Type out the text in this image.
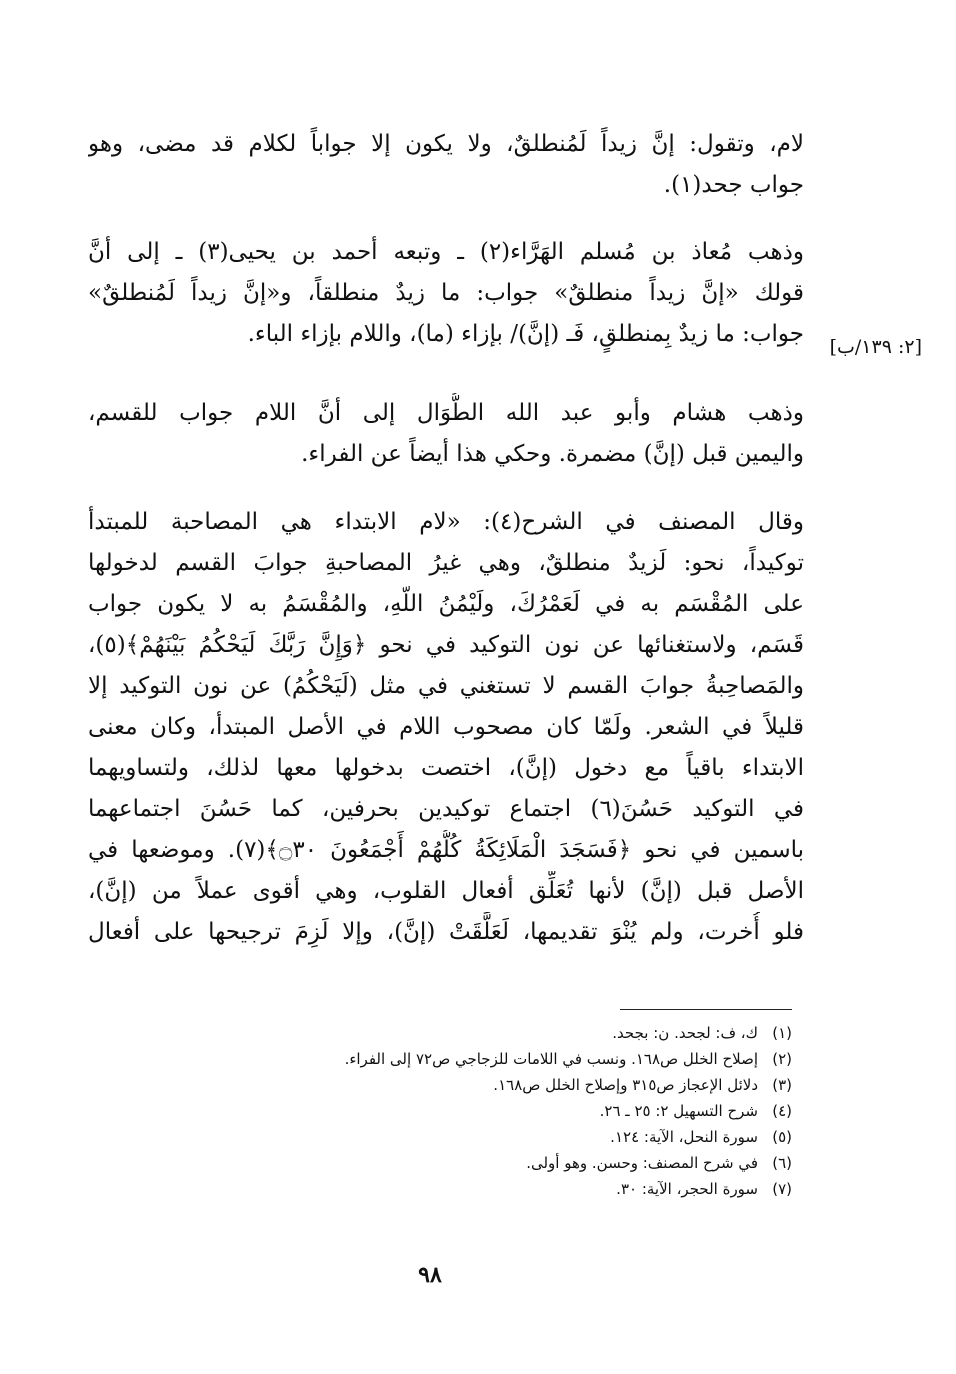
لام، وتقول: إنَّ زيداً لَمُنطلقٌ، ولا يكون إلا جواباً لكلام قد مضى، وهو
جواب جحد(١).
وذهب مُعاذ بن مُسلم الهَرَّاء(٢) ـ وتبعه أحمد بن يحيى(٣) ـ إلى أنَّ
قولك «إنَّ زيداً منطلقٌ» جواب: ما زيدٌ منطلقاً، و«إنَّ زيداً لَمُنطلقٌ»
جواب: ما زيدٌ بِمنطلقٍ، فَـ (إنَّ)/ بإزاء (ما)، واللام بإزاء الباء.	[٢: ١٣٩/ب]
وذهب هشام وأبو عبد الله الطُّوَال إلى أنَّ اللام جواب للقسم،
واليمين قبل (إنَّ) مضمرة. وحكي هذا أيضاً عن الفراء.
وقال المصنف في الشرح(٤): «لام الابتداء هي المصاحبة للمبتدأ
توكيداً، نحو: لَزيدٌ منطلقٌ، وهي غيرُ المصاحبةِ جوابَ القسم لدخولها
على المُقْسَم به في لَعَمْرُكَ، ولَيْمُنُ اللّهِ، والمُقْسَمُ به لا يكون جواب
قَسَم، ولاستغنائها عن نون التوكيد في نحو ﴿وَإِنَّ رَبَّكَ لَيَحْكُمُ بَيْنَهُمْ﴾(٥)،
والمَصاحِبةُ جوابَ القسم لا تستغني في مثل (لَيَحْكُمُ) عن نون التوكيد إلا
قليلاً في الشعر. ولَمّا كان مصحوب اللام في الأصل المبتدأ، وكان معنى
الابتداء باقياً مع دخول (إنَّ)، اختصت بدخولها معها لذلك، ولتساويهما
في التوكيد حَسُنَ(٦) اجتماع توكيدين بحرفين، كما حَسُنَ اجتماعهما
باسمين في نحو ﴿فَسَجَدَ الْمَلَائِكَةُ كُلُّهُمْ أَجْمَعُونَ ۝٣٠﴾(٧). وموضعها في
الأصل قبل (إنَّ) لأنها تُعَلِّق أفعال القلوب، وهي أقوى عملاً من (إنَّ)،
فلو أُخرت، ولم يُنْوَ تقديمها، لَعَلَّقَتْ (إنَّ)، وإلا لَزِمَ ترجيحها على أفعال
(١)ك، ف: لجحد. ن: بجحد.
(٢)إصلاح الخلل ص١٦٨. ونسب في اللامات للزجاجي ص٧٢ إلى الفراء.
(٣)دلائل الإعجاز ص٣١٥ وإصلاح الخلل ص١٦٨.
(٤)شرح التسهيل ٢: ٢٥ ـ ٢٦.
(٥)سورة النحل، الآية: ١٢٤.
(٦)في شرح المصنف: وحسن. وهو أولى.
(٧)سورة الحجر، الآية: ٣٠.
٩٨
